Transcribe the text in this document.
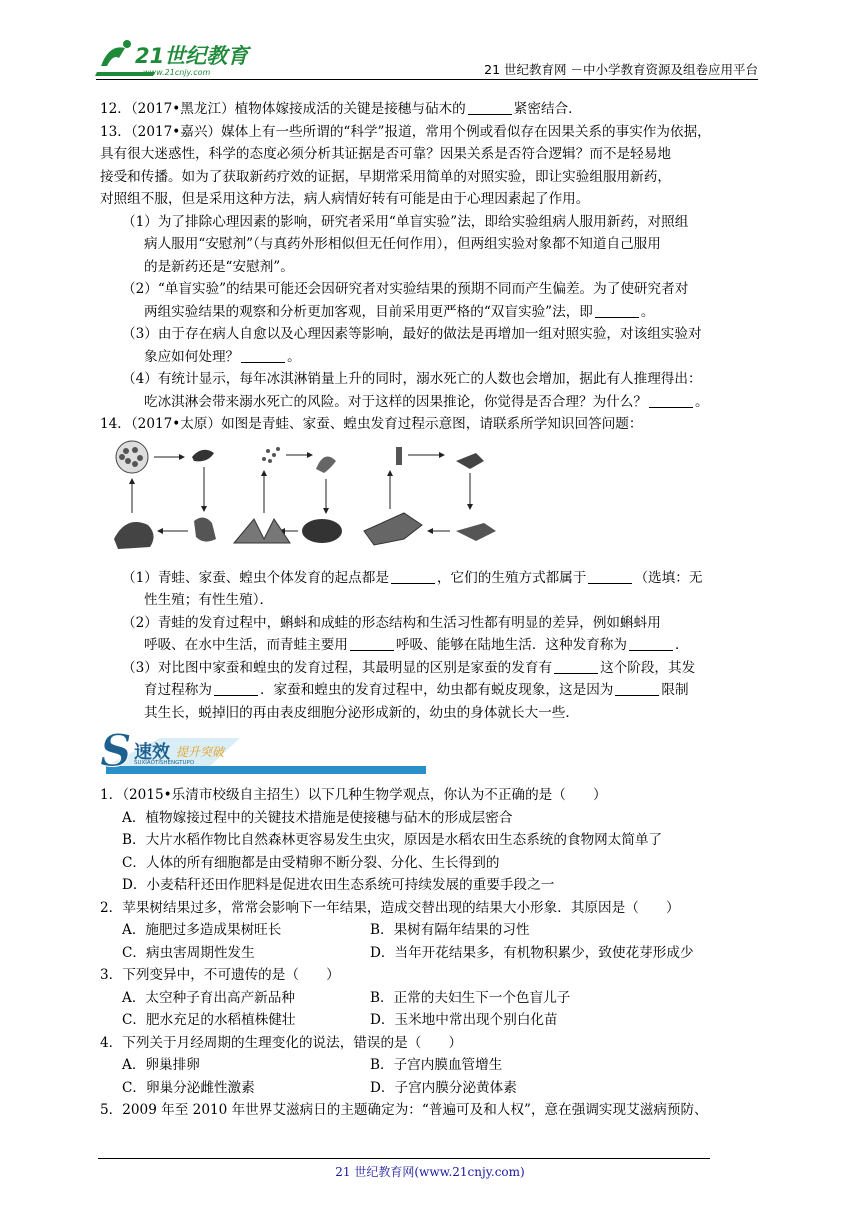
21世纪教育
www.21cnjy.com	21 世纪教育网 －中小学教育资源及组卷应用平台
12．（2017•黑龙江）植物体嫁接成活的关键是接穗与砧木的	紧密结合．
13．（2017•嘉兴）媒体上有一些所谓的“科学”报道，常用个例或看似存在因果关系的事实作为依据，
具有很大迷惑性，科学的态度必须分析其证据是否可靠？因果关系是否符合逻辑？而不是轻易地
接受和传播。如为了获取新药疗效的证据，早期常采用简单的对照实验，即让实验组服用新药，
对照组不服，但是采用这种方法，病人病情好转有可能是由于心理因素起了作用。
（1）为了排除心理因素的影响，研究者采用“单盲实验”法，即给实验组病人服用新药，对照组
病人服用“安慰剂”（与真药外形相似但无任何作用），但两组实验对象都不知道自己服用
的是新药还是“安慰剂”。
（2）“单盲实验”的结果可能还会因研究者对实验结果的预期不同而产生偏差。为了使研究者对
两组实验结果的观察和分析更加客观，目前采用更严格的“双盲实验”法，即	。
（3）由于存在病人自愈以及心理因素等影响，最好的做法是再增加一组对照实验，对该组实验对
象应如何处理？	。
（4）有统计显示，每年冰淇淋销量上升的同时，溺水死亡的人数也会增加，据此有人推理得出：
吃冰淇淋会带来溺水死亡的风险。对于这样的因果推论，你觉得是否合理？为什么？	。
14．（2017•太原）如图是青蛙、家蚕、蝗虫发育过程示意图，请联系所学知识回答问题：
（1）青蛙、家蚕、蝗虫个体发育的起点都是	，它们的生殖方式都属于	（选填：无
性生殖；有性生殖）．
（2）青蛙的发育过程中，蝌蚪和成蛙的形态结构和生活习性都有明显的差异，例如蝌蚪用
呼吸、在水中生活，而青蛙主要用	呼吸、能够在陆地生活．这种发育称为	．
（3）对比图中家蚕和蝗虫的发育过程，其最明显的区别是家蚕的发育有	这个阶段，其发
育过程称为	．家蚕和蝗虫的发育过程中，幼虫都有蜕皮现象，这是因为	限制
其生长，蜕掉旧的再由表皮细胞分泌形成新的，幼虫的身体就长大一些．
S 速效 提升突破
SUXIAOTISHENGTUPO
1．（2015•乐清市校级自主招生）以下几种生物学观点，你认为不正确的是（　　）
A．植物嫁接过程中的关键技术措施是使接穗与砧木的形成层密合
B．大片水稻作物比自然森林更容易发生虫灾，原因是水稻农田生态系统的食物网太简单了
C．人体的所有细胞都是由受精卵不断分裂、分化、生长得到的
D．小麦秸秆还田作肥料是促进农田生态系统可持续发展的重要手段之一
2．苹果树结果过多，常常会影响下一年结果，造成交替出现的结果大小形象．其原因是（　　）
A．施肥过多造成果树旺长	B．果树有隔年结果的习性
C．病虫害周期性发生	D．当年开花结果多，有机物积累少，致使花芽形成少
3．下列变异中，不可遗传的是（　　）
A．太空种子育出高产新品种	B．正常的夫妇生下一个色盲儿子
C．肥水充足的水稻植株健壮	D．玉米地中常出现个别白化苗
4．下列关于月经周期的生理变化的说法，错误的是（　　）
A．卵巢排卵	B．子宫内膜血管增生
C．卵巢分泌雌性激素	D．子宫内膜分泌黄体素
5．2009 年至 2010 年世界艾滋病日的主题确定为：“普遍可及和人权”，意在强调实现艾滋病预防、
21 世纪教育网(www.21cnjy.com)
